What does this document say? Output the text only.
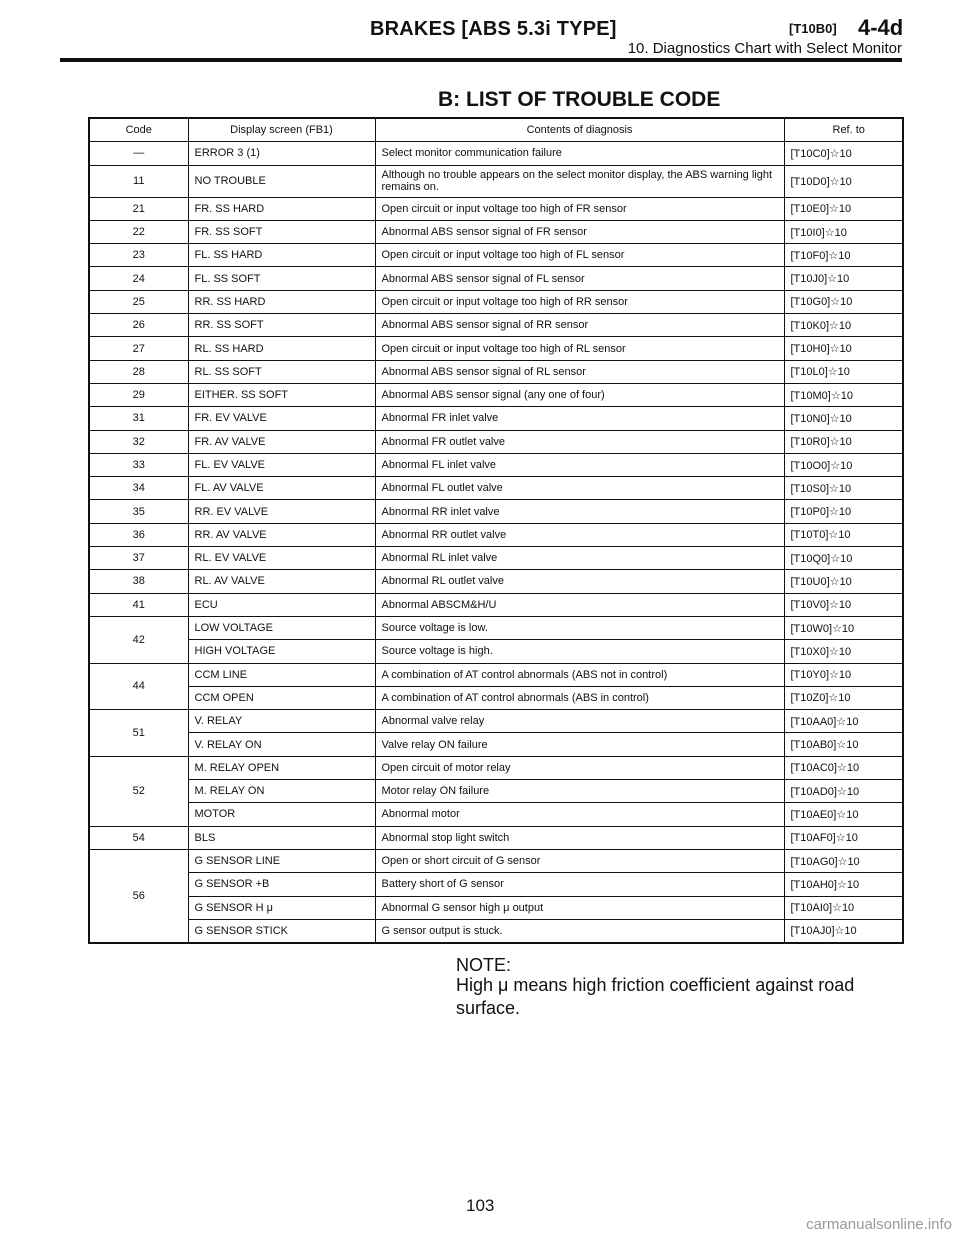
BRAKES [ABS 5.3i TYPE]	[T10B0] 4-4d
10. Diagnostics Chart with Select Monitor
B: LIST OF TROUBLE CODE
Code	Display screen (FB1)	Contents of diagnosis	Ref. to
—	ERROR 3 (1)	Select monitor communication failure	[T10C0]☆10
11	NO TROUBLE	Although no trouble appears on the select monitor display, the ABS warning light remains on.	[T10D0]☆10
21	FR. SS HARD	Open circuit or input voltage too high of FR sensor	[T10E0]☆10
22	FR. SS SOFT	Abnormal ABS sensor signal of FR sensor	[T10I0]☆10
23	FL. SS HARD	Open circuit or input voltage too high of FL sensor	[T10F0]☆10
24	FL. SS SOFT	Abnormal ABS sensor signal of FL sensor	[T10J0]☆10
25	RR. SS HARD	Open circuit or input voltage too high of RR sensor	[T10G0]☆10
26	RR. SS SOFT	Abnormal ABS sensor signal of RR sensor	[T10K0]☆10
27	RL. SS HARD	Open circuit or input voltage too high of RL sensor	[T10H0]☆10
28	RL. SS SOFT	Abnormal ABS sensor signal of RL sensor	[T10L0]☆10
29	EITHER. SS SOFT	Abnormal ABS sensor signal (any one of four)	[T10M0]☆10
31	FR. EV VALVE	Abnormal FR inlet valve	[T10N0]☆10
32	FR. AV VALVE	Abnormal FR outlet valve	[T10R0]☆10
33	FL. EV VALVE	Abnormal FL inlet valve	[T10O0]☆10
34	FL. AV VALVE	Abnormal FL outlet valve	[T10S0]☆10
35	RR. EV VALVE	Abnormal RR inlet valve	[T10P0]☆10
36	RR. AV VALVE	Abnormal RR outlet valve	[T10T0]☆10
37	RL. EV VALVE	Abnormal RL inlet valve	[T10Q0]☆10
38	RL. AV VALVE	Abnormal RL outlet valve	[T10U0]☆10
41	ECU	Abnormal ABSCM&H/U	[T10V0]☆10
42	LOW VOLTAGE	Source voltage is low.	[T10W0]☆10
	HIGH VOLTAGE	Source voltage is high.	[T10X0]☆10
44	CCM LINE	A combination of AT control abnormals (ABS not in control)	[T10Y0]☆10
	CCM OPEN	A combination of AT control abnormals (ABS in control)	[T10Z0]☆10
51	V. RELAY	Abnormal valve relay	[T10AA0]☆10
	V. RELAY ON	Valve relay ON failure	[T10AB0]☆10
52	M. RELAY OPEN	Open circuit of motor relay	[T10AC0]☆10
	M. RELAY ON	Motor relay ON failure	[T10AD0]☆10
	MOTOR	Abnormal motor	[T10AE0]☆10
54	BLS	Abnormal stop light switch	[T10AF0]☆10
56	G SENSOR LINE	Open or short circuit of G sensor	[T10AG0]☆10
	G SENSOR +B	Battery short of G sensor	[T10AH0]☆10
	G SENSOR H μ	Abnormal G sensor high μ output	[T10AI0]☆10
	G SENSOR STICK	G sensor output is stuck.	[T10AJ0]☆10
NOTE:
High μ means high friction coefficient against road surface.
103
carmanualsonline.info
